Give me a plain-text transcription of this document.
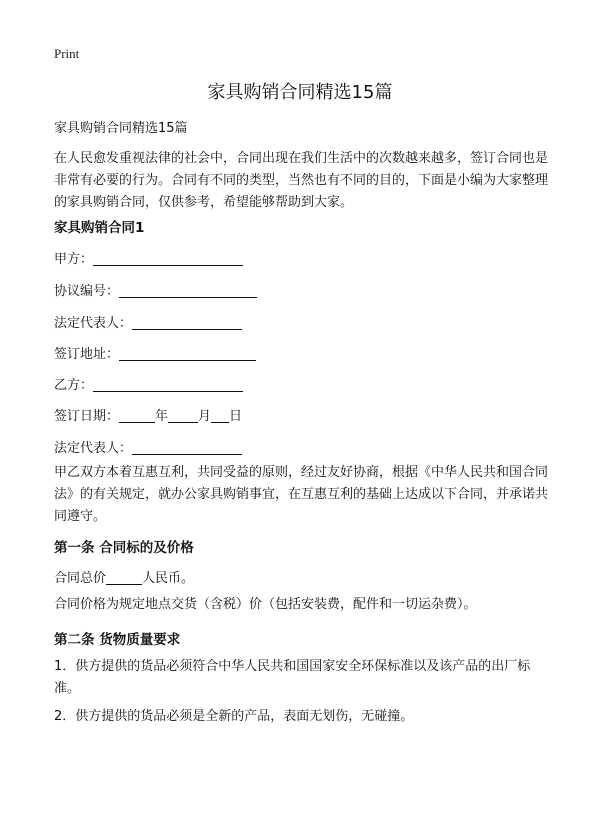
Print
家具购销合同精选15篇
家具购销合同精选15篇
在人民愈发重视法律的社会中，合同出现在我们生活中的次数越来越多，签订合同也是非常有必要的行为。合同有不同的类型，当然也有不同的目的，下面是小编为大家整理的家具购销合同，仅供参考，希望能够帮助到大家。
家具购销合同1
甲方：
协议编号：
法定代表人：
签订地址：
乙方：
签订日期：	年 月 日
法定代表人：
甲乙双方本着互惠互利，共同受益的原则，经过友好协商，根据《中华人民共和国合同法》的有关规定，就办公家具购销事宜，在互惠互利的基础上达成以下合同，并承诺共同遵守。
第一条 合同标的及价格
合同总价	人民币。
合同价格为规定地点交货（含税）价（包括安装费，配件和一切运杂费）。
第二条 货物质量要求
1．供方提供的货品必须符合中华人民共和国国家安全环保标准以及该产品的出厂标准。
2．供方提供的货品必须是全新的产品，表面无划伤，无碰撞。
